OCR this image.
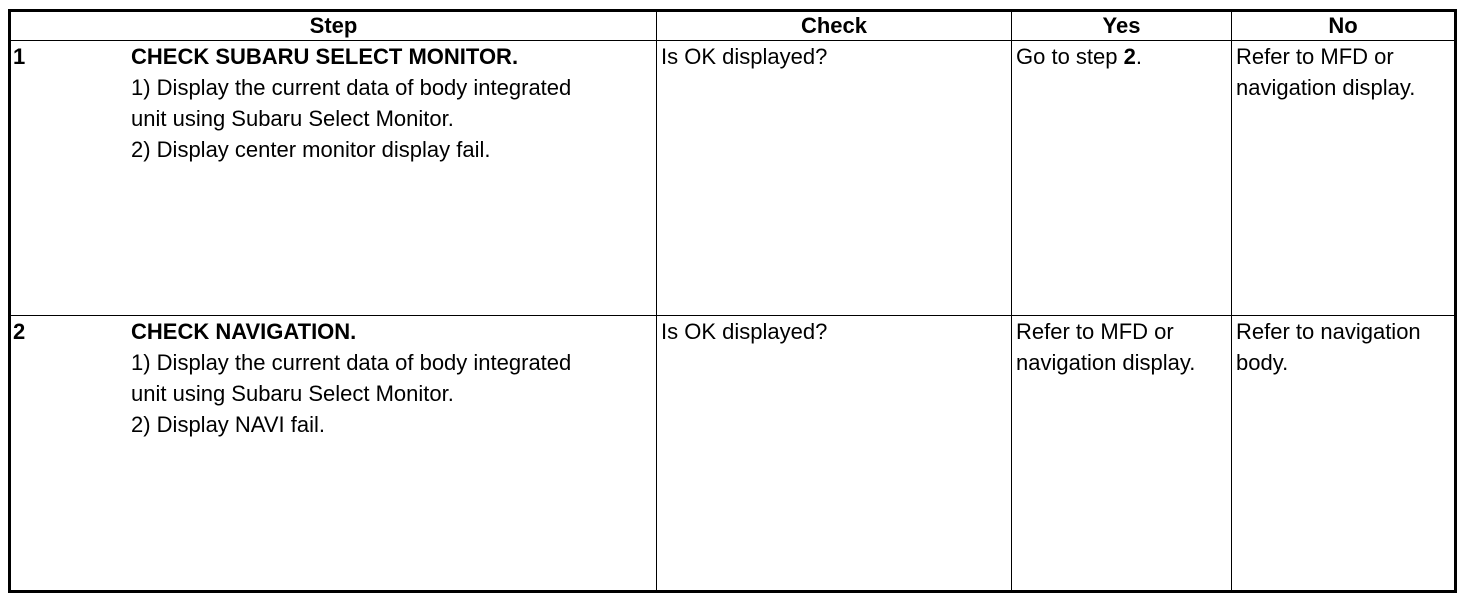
Step	Check	Yes	No
1 CHECK SUBARU SELECT MONITOR.
1) Display the current data of body integrated
unit using Subaru Select Monitor.
2) Display center monitor display fail.	Is OK displayed?	Go to step 2.	Refer to MFD or navigation display.
2 CHECK NAVIGATION.
1) Display the current data of body integrated
unit using Subaru Select Monitor.
2) Display NAVI fail.	Is OK displayed?	Refer to MFD or navigation display.	Refer to navigation body.
